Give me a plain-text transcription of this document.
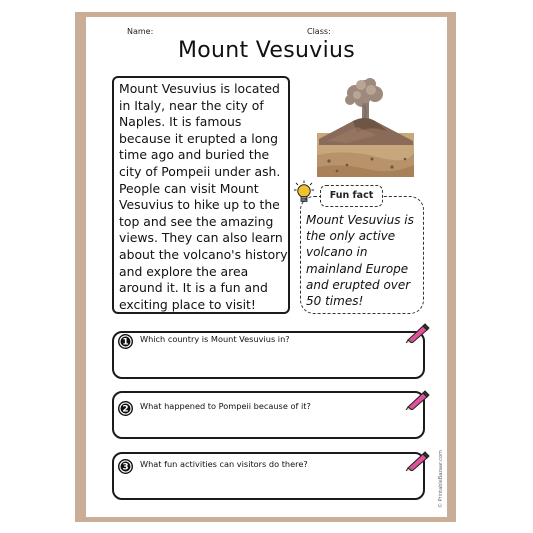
Name:	Class:
Mount Vesuvius

Mount Vesuvius is located in Italy, near the city of Naples. It is famous because it erupted a long time ago and buried the city of Pompeii under ash. People can visit Mount Vesuvius to hike up to the top and see the amazing views. They can also learn about the volcano's history and explore the area around it. It is a fun and exciting place to visit!

Fun fact
Mount Vesuvius is the only active volcano in mainland Europe and erupted over 50 times!
1 Which country is Mount Vesuvius in?
2 What happened to Pompeii because of it?
3 What fun activities can visitors do there?	© PrintableBazaar.com
